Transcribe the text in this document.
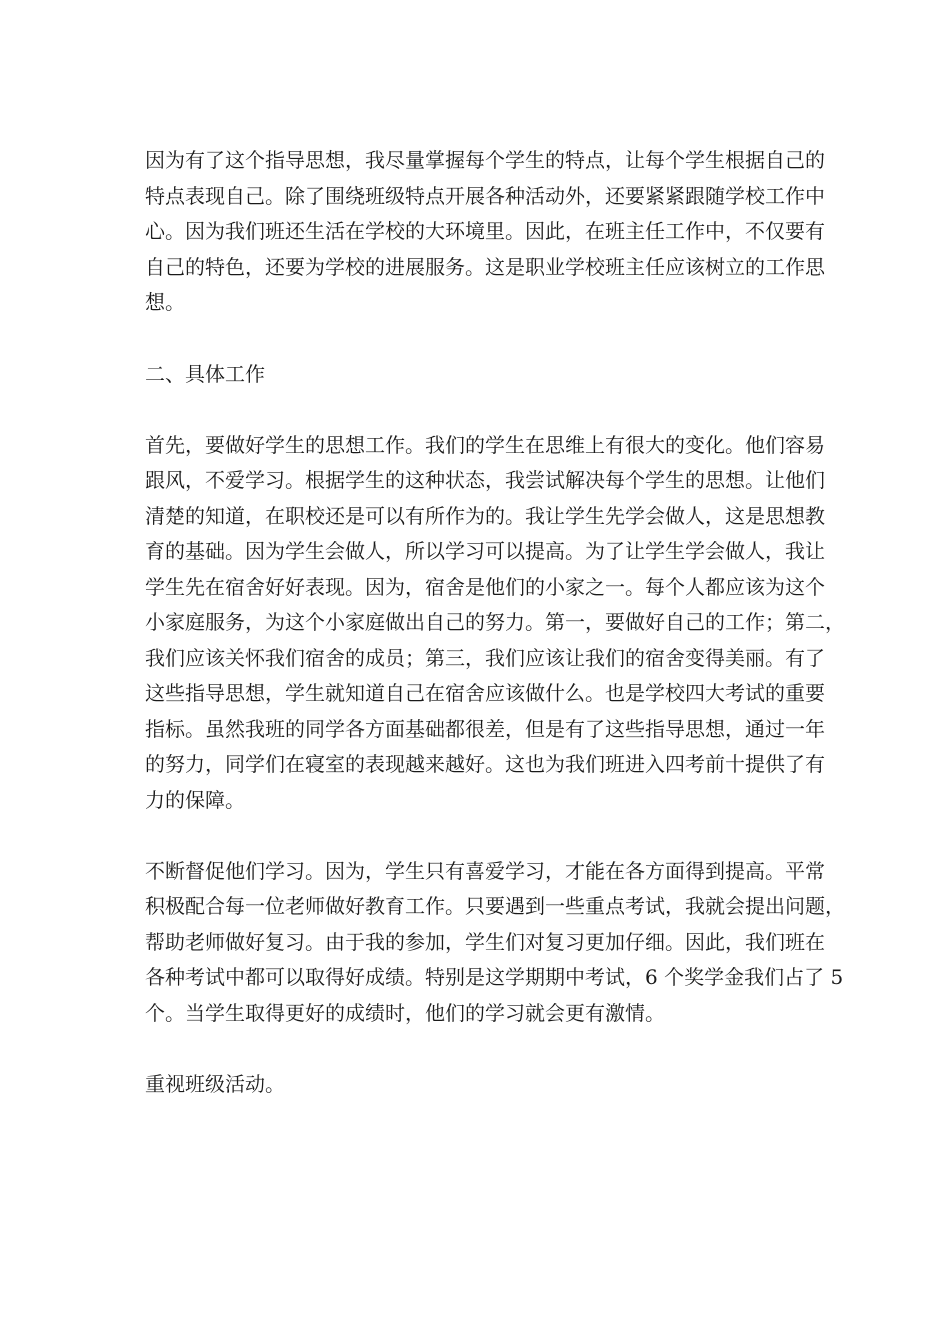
因为有了这个指导思想，我尽量掌握每个学生的特点，让每个学生根据自己的
特点表现自己。除了围绕班级特点开展各种活动外，还要紧紧跟随学校工作中
心。因为我们班还生活在学校的大环境里。因此，在班主任工作中，不仅要有
自己的特色，还要为学校的进展服务。这是职业学校班主任应该树立的工作思
想。
二、具体工作
首先，要做好学生的思想工作。我们的学生在思维上有很大的变化。他们容易
跟风，不爱学习。根据学生的这种状态，我尝试解决每个学生的思想。让他们
清楚的知道，在职校还是可以有所作为的。我让学生先学会做人，这是思想教
育的基础。因为学生会做人，所以学习可以提高。为了让学生学会做人，我让
学生先在宿舍好好表现。因为，宿舍是他们的小家之一。每个人都应该为这个
小家庭服务，为这个小家庭做出自己的努力。第一，要做好自己的工作；第二，
我们应该关怀我们宿舍的成员；第三，我们应该让我们的宿舍变得美丽。有了
这些指导思想，学生就知道自己在宿舍应该做什么。也是学校四大考试的重要
指标。虽然我班的同学各方面基础都很差，但是有了这些指导思想，通过一年
的努力，同学们在寝室的表现越来越好。这也为我们班进入四考前十提供了有
力的保障。
不断督促他们学习。因为，学生只有喜爱学习，才能在各方面得到提高。平常
积极配合每一位老师做好教育工作。只要遇到一些重点考试，我就会提出问题，
帮助老师做好复习。由于我的参加，学生们对复习更加仔细。因此，我们班在
各种考试中都可以取得好成绩。特别是这学期期中考试，6 个奖学金我们占了 5
个。当学生取得更好的成绩时，他们的学习就会更有激情。
重视班级活动。
